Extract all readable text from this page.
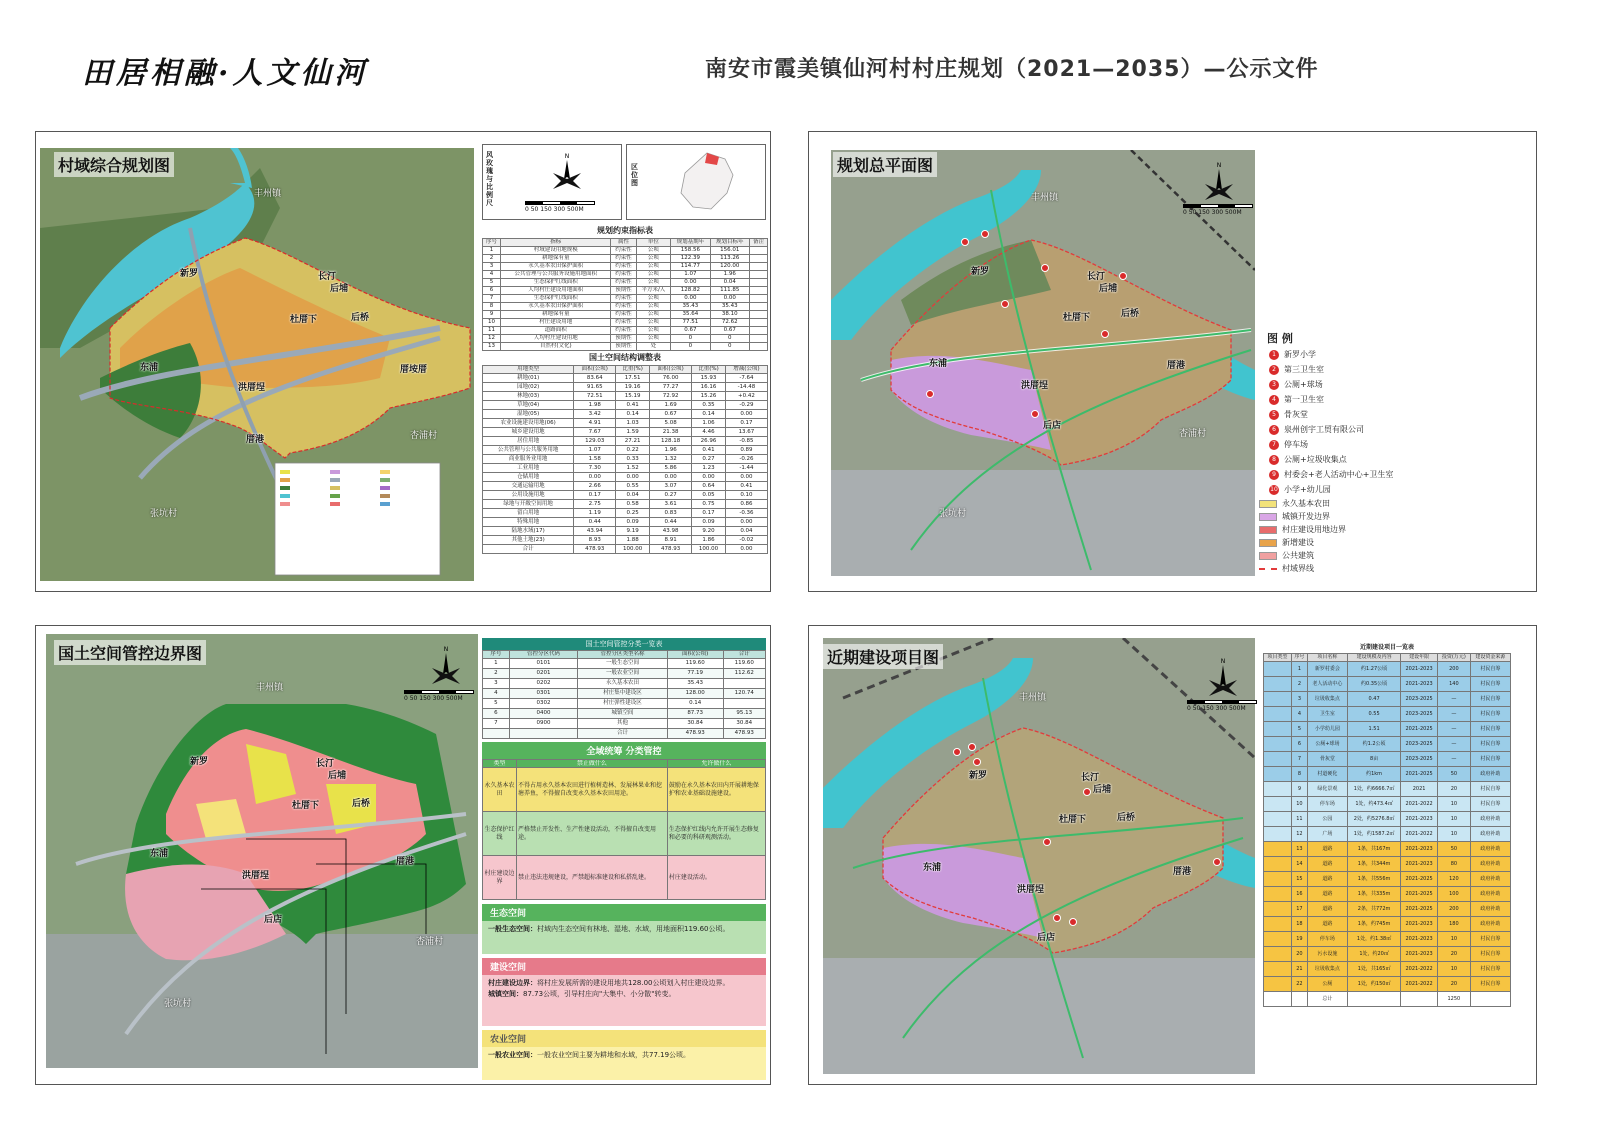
田居相融·人文仙河	南安市霞美镇仙河村村庄规划（2021—2035）—公示文件
丰州镇
新罗	长汀
后埔
杜厝下	后桥
东浦
洪厝埕
厝垵厝
厝港	杏浦村
张坑村
村域综合规划图
风玫瑰与比例尺
N
0 50 150 300 500M
区位图
规划约束指标表
序号	指标	属性	单位	规划基期年	规划目标年	备注
1	村域建设用地规模	约束性	公顷	158.56	156.01	
2	耕地保有量	约束性	公顷	122.39	113.26	
3	永久基本农田保护面积	约束性	公顷	114.77	120.00	
4	公共管理与公共服务设施用地面积	约束性	公顷	1.07	1.96	
5	生态保护红线面积	约束性	公顷	0.00	0.04	
6	人均村庄建设用地面积	预期性	平方米/人	128.82	111.85	
7	生态保护红线面积	约束性	公顷	0.00	0.00	
8	永久基本农田保护面积	约束性	公顷	35.43	35.43	
9	耕地保有量	约束性	公顷	35.64	38.10	
10	村庄建设用地	约束性	公顷	77.51	72.62	
11	道路面积	约束性	公顷	0.67	0.67	
12	人均村庄建设用地	预期性	公顷	0	0	
13	自然村(文化)	预期性	处	0	0	
国土空间结构调整表
用地类型	面积(公顷)	比重(%)	面积(公顷)	比重(%)	增减(公顷)
耕地(01)	83.64	17.51	76.00	15.93	-7.64
园地(02)	91.65	19.16	77.27	16.16	-14.48
林地(03)	72.51	15.19	72.92	15.26	+0.42
草地(04)	1.98	0.41	1.69	0.35	-0.29
湿地(05)	3.42	0.14	0.67	0.14	0.00
农业设施建设用地(06)	4.91	1.03	5.08	1.06	0.17
城乡建设用地	7.67	1.59	21.38	4.46	13.67
居住用地	129.03	27.21	128.18	26.96	-0.85
公共管理与公共服务用地	1.07	0.22	1.96	0.41	0.89
商业服务业用地	1.58	0.33	1.32	0.27	-0.26
工业用地	7.30	1.52	5.86	1.23	-1.44
仓储用地	0.00	0.00	0.00	0.00	0.00
交通运输用地	2.66	0.55	3.07	0.64	0.41
公用设施用地	0.17	0.04	0.27	0.05	0.10
绿地与开敞空间用地	2.75	0.58	3.61	0.75	0.86
留白用地	1.19	0.25	0.83	0.17	-0.36
特殊用地	0.44	0.09	0.44	0.09	0.00
陆地水域(17)	43.94	9.19	43.98	9.20	0.04
其他土地(23)	8.93	1.88	8.91	1.86	-0.02
合计	478.93	100.00	478.93	100.00	0.00
丰州镇
新罗	长汀
后埔
杜厝下	后桥
东浦
洪厝埕
后店
厝港
杏浦村
张坑村
规划总平面图	N
0 50 150 300 500M
图 例
1	新罗小学
2	第三卫生室
3	公厕+球场
4	第一卫生室
5	骨灰堂
6	泉州创宇工贸有限公司
7	停车场
8	公厕+垃圾收集点
9	村委会+老人活动中心+卫生室
10 小学+幼儿园
永久基本农田
城镇开发边界
村庄建设用地边界
新增建设
公共建筑
村域界线
丰州镇
新罗	长汀
后埔
杜厝下	后桥
东浦
洪厝埕
后店
厝港
杏浦村
张坑村
国土空间管控边界图	N
0 50 150 300 500M
国土空间管控分类一览表
序号	管控分区代码	管控分区类型名称	面积(公顷)	合计
1	0101	一般生态空间	119.60	119.60
2	0201	一般农业空间	77.19	112.62
3	0202	永久基本农田	35.43	
4	0301	村庄集中建设区	128.00	120.74
5	0302	村庄弹性建设区	0.14	
6	0400	城镇空间	87.73	95.13
7	0900	其他	30.84	30.84
		合计	478.93	478.93
全域统筹 分类管控
类型	禁止做什么	允许做什么
永久基本农田	不得占用永久基本农田进行植树造林、发展林果业和挖塘养鱼，不得擅自改变永久基本农田用途。	鼓励在永久基本农田内开展耕地保护和农业基础设施建设。
生态保护红线	严格禁止开发性、生产性建设活动，不得擅自改变用途。	生态保护红线内允许开展生态修复和必要的科研观测活动。
村庄建设边界	禁止违法违规建设，严禁超标准建设和私搭乱建。	村庄建设活动。
生态空间
一般生态空间：村域内生态空间有林地、湿地、水域，用地面积119.60公顷。
建设空间
村庄建设边界：将村庄发展所需的建设用地共128.00公顷划入村庄建设边界。
城镇空间：87.73公顷，引导村庄向"大集中、小分散"转变。
农业空间
一般农业空间：一般农业空间主要为耕地和水域，共77.19公顷。
丰州镇
新罗	长汀
后埔
杜厝下	后桥
东浦
洪厝埕
后店
厝港
近期建设项目图	N
0 50 150 300 500M
近期建设项目一览表
项目类型	序号	项目名称	建设规模及内容	建设年限	投资(万元)	建设资金来源
	1	新罗村委会	约1.27公顷	2021-2023	200	村民自筹
	2	老人活动中心	约0.35公顷	2021-2023	140	村民自筹
	3	垃圾收集点	0.47	2023-2025	—	村民自筹
	4	卫生室	0.55	2023-2025	—	村民自筹
	5	小学幼儿园	1.51	2021-2025	—	村民自筹
	6	公厕+球场	约1.2公顷	2023-2025	—	村民自筹
	7	骨灰堂	8亩	2023-2025	—	村民自筹
	8	村道硬化	约1km	2021-2025	50	政府补助
	9	绿化景观	1处，约6666.7㎡	2021	20	村民自筹
	10	停车场	1处，约473.4㎡	2021-2022	10	村民自筹
	11	公园	2处，约5276.8㎡	2021-2023	10	政府补助
	12	广场	1处，约1587.2㎡	2021-2022	10	政府补助
	13	道路	1条，共167m	2021-2023	50	政府补助
	14	道路	1条，共344m	2021-2023	80	政府补助
	15	道路	1条，共556m	2021-2025	120	政府补助
	16	道路	1条，共335m	2021-2025	100	政府补助
	17	道路	2条，共772m	2021-2025	200	政府补助
	18	道路	1条，约745m	2021-2023	180	政府补助
	19	停车场	1处，约1.38㎡	2021-2023	10	村民自筹
	20	污水设施	1处，约20㎡	2021-2023	20	村民自筹
	21	垃圾收集点	1处，共165㎡	2021-2022	10	村民自筹
	22	公厕	1处，约150㎡	2021-2022	20	村民自筹
		总计			1250	
